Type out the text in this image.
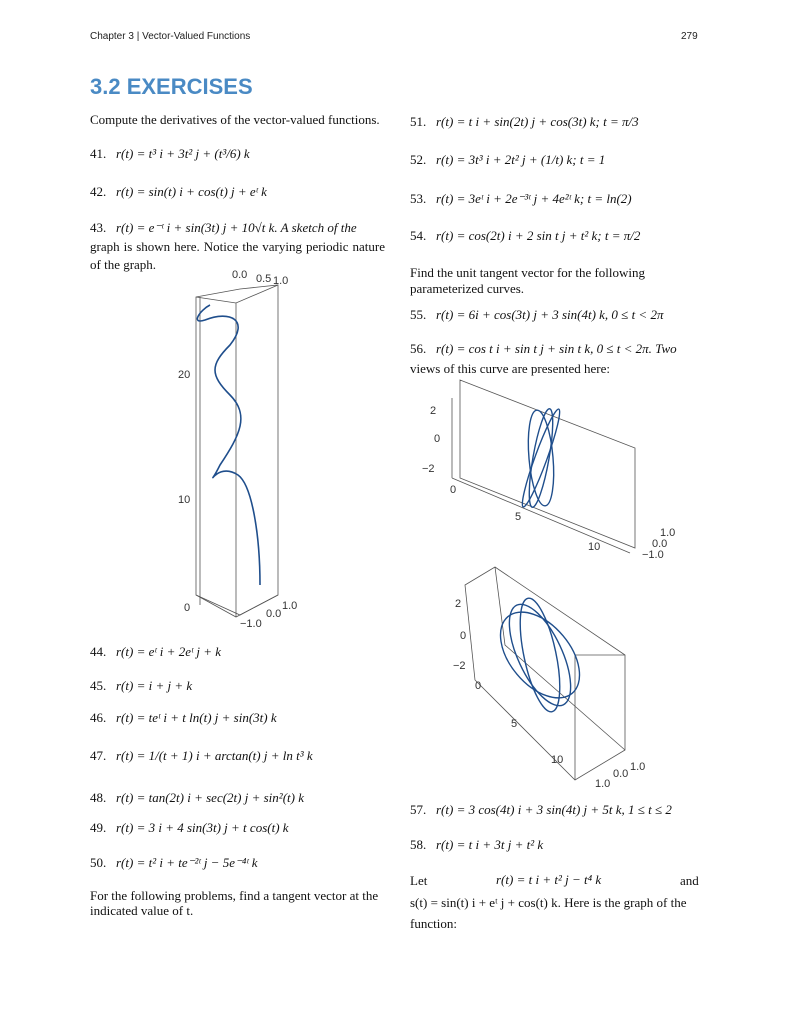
Chapter 3 | Vector-Valued Functions	279
3.2 EXERCISES
Compute the derivatives of the vector-valued functions.
41. r(t) = t³ i + 3t² j + (t³/6) k
42. r(t) = sin(t) i + cos(t) j + eᵗ k
43. r(t) = e⁻ᵗ i + sin(3t) j + 10√t k. A sketch of the
graph is shown here. Notice the varying periodic nature of the graph.
0.0 0.5 1.0
20
10
0	1.0
0.0
−1.0
44. r(t) = eᵗ i + 2eᵗ j + k
45. r(t) = i + j + k
46. r(t) = teᵗ i + t ln(t) j + sin(3t) k
47. r(t) = 1/(t + 1) i + arctan(t) j + ln t³ k
48. r(t) = tan(2t) i + sec(2t) j + sin²(t) k
49. r(t) = 3 i + 4 sin(3t) j + t cos(t) k
50. r(t) = t² i + te⁻²ᵗ j − 5e⁻⁴ᵗ k
For the following problems, find a tangent vector at the indicated value of t.
51. r(t) = t i + sin(2t) j + cos(3t) k; t = π/3
52. r(t) = 3t³ i + 2t² j + (1/t) k; t = 1
53. r(t) = 3eᵗ i + 2e⁻³ᵗ j + 4e²ᵗ k; t = ln(2)
54. r(t) = cos(2t) i + 2 sin t j + t² k; t = π/2
Find the unit tangent vector for the following parameterized curves.
55. r(t) = 6i + cos(3t) j + 3 sin(4t) k, 0 ≤ t < 2π
56. r(t) = cos t i + sin t j + sin t k, 0 ≤ t < 2π. Two
views of this curve are presented here:
2
0
−2
0
5
10
1.0
0.0
−1.0
2
0
−2
0
5
10
1.0
0.0
1.0
57. r(t) = 3 cos(4t) i + 3 sin(4t) j + 5t k, 1 ≤ t ≤ 2
58. r(t) = t i + 3t j + t² k
Let	r(t) = t i + t² j − t⁴ k	and
s(t) = sin(t) i + eᵗ j + cos(t) k. Here is the graph of the function:
